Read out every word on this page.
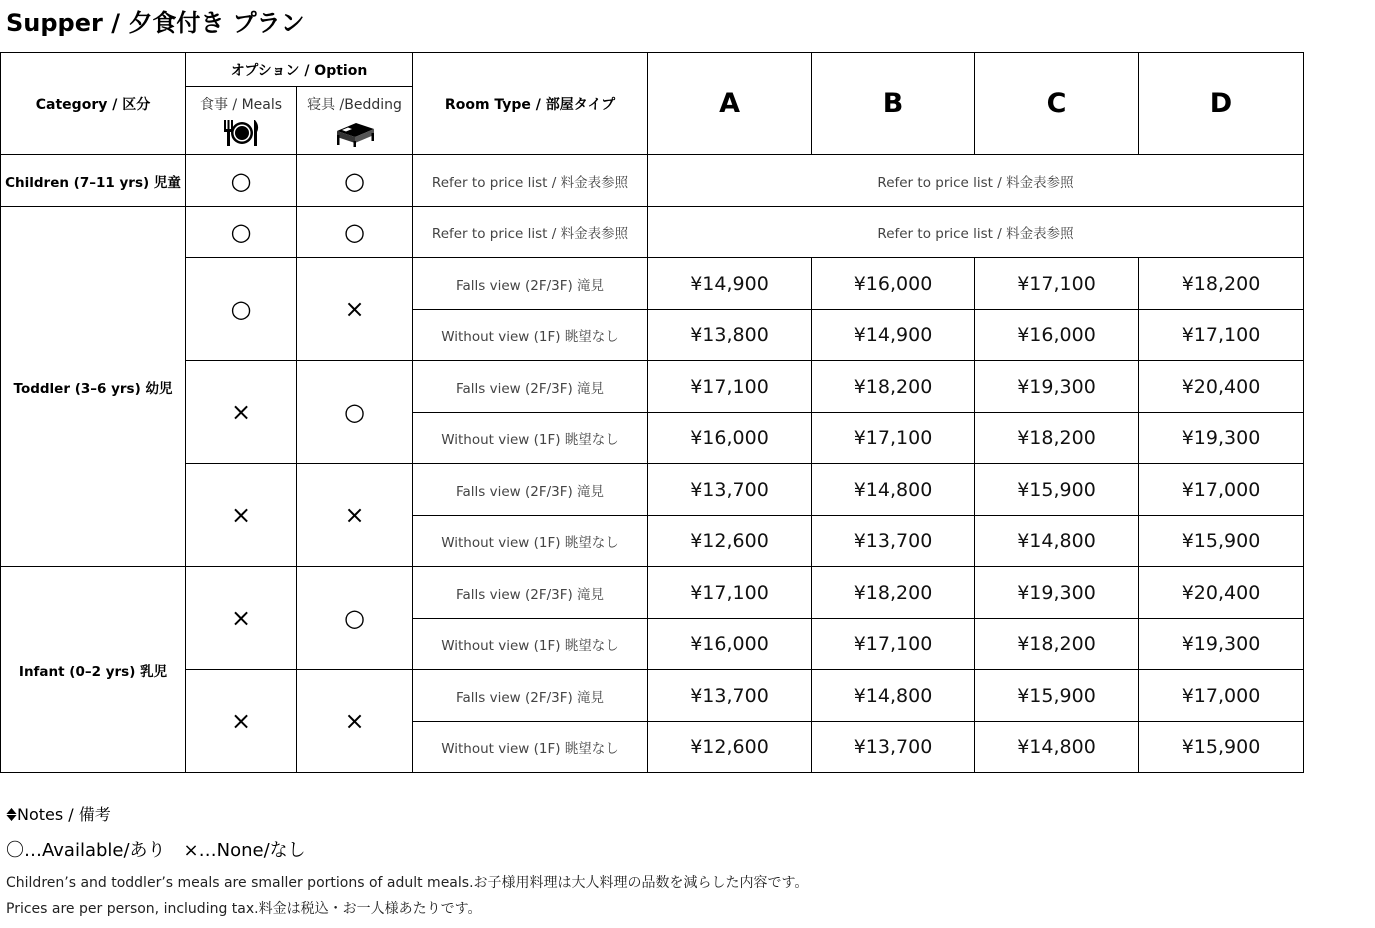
Supper / 夕食付き プラン
Category / 区分	オプション / Option		Room Type / 部屋タイプ	A	B	C	D
	食事 / Meals	寝具 /Bedding					

Children (7–11 yrs) 児童	○	○	Refer to price list / 料金表参照	Refer to price list / 料金表参照			
Toddler (3–6 yrs) 幼児	○	○	Refer to price list / 料金表参照	Refer to price list / 料金表参照			
	○	×	Falls view (2F/3F) 滝見	¥14,900	¥16,000	¥17,100	¥18,200
			Without view (1F) 眺望なし	¥13,800	¥14,900	¥16,000	¥17,100
	×	○	Falls view (2F/3F) 滝見	¥17,100	¥18,200	¥19,300	¥20,400
			Without view (1F) 眺望なし	¥16,000	¥17,100	¥18,200	¥19,300
	×	×	Falls view (2F/3F) 滝見	¥13,700	¥14,800	¥15,900	¥17,000
			Without view (1F) 眺望なし	¥12,600	¥13,700	¥14,800	¥15,900
Infant (0–2 yrs) 乳児	×	○	Falls view (2F/3F) 滝見	¥17,100	¥18,200	¥19,300	¥20,400
			Without view (1F) 眺望なし	¥16,000	¥17,100	¥18,200	¥19,300
	×	×	Falls view (2F/3F) 滝見	¥13,700	¥14,800	¥15,900	¥17,000
			Without view (1F) 眺望なし	¥12,600	¥13,700	¥14,800	¥15,900
Notes / 備考
〇…Available/あり　×…None/なし
Children’s and toddler’s meals are smaller portions of adult meals.お子様用料理は大人料理の品数を減らした内容です。
Prices are per person, including tax.料金は税込・お一人様あたりです。
